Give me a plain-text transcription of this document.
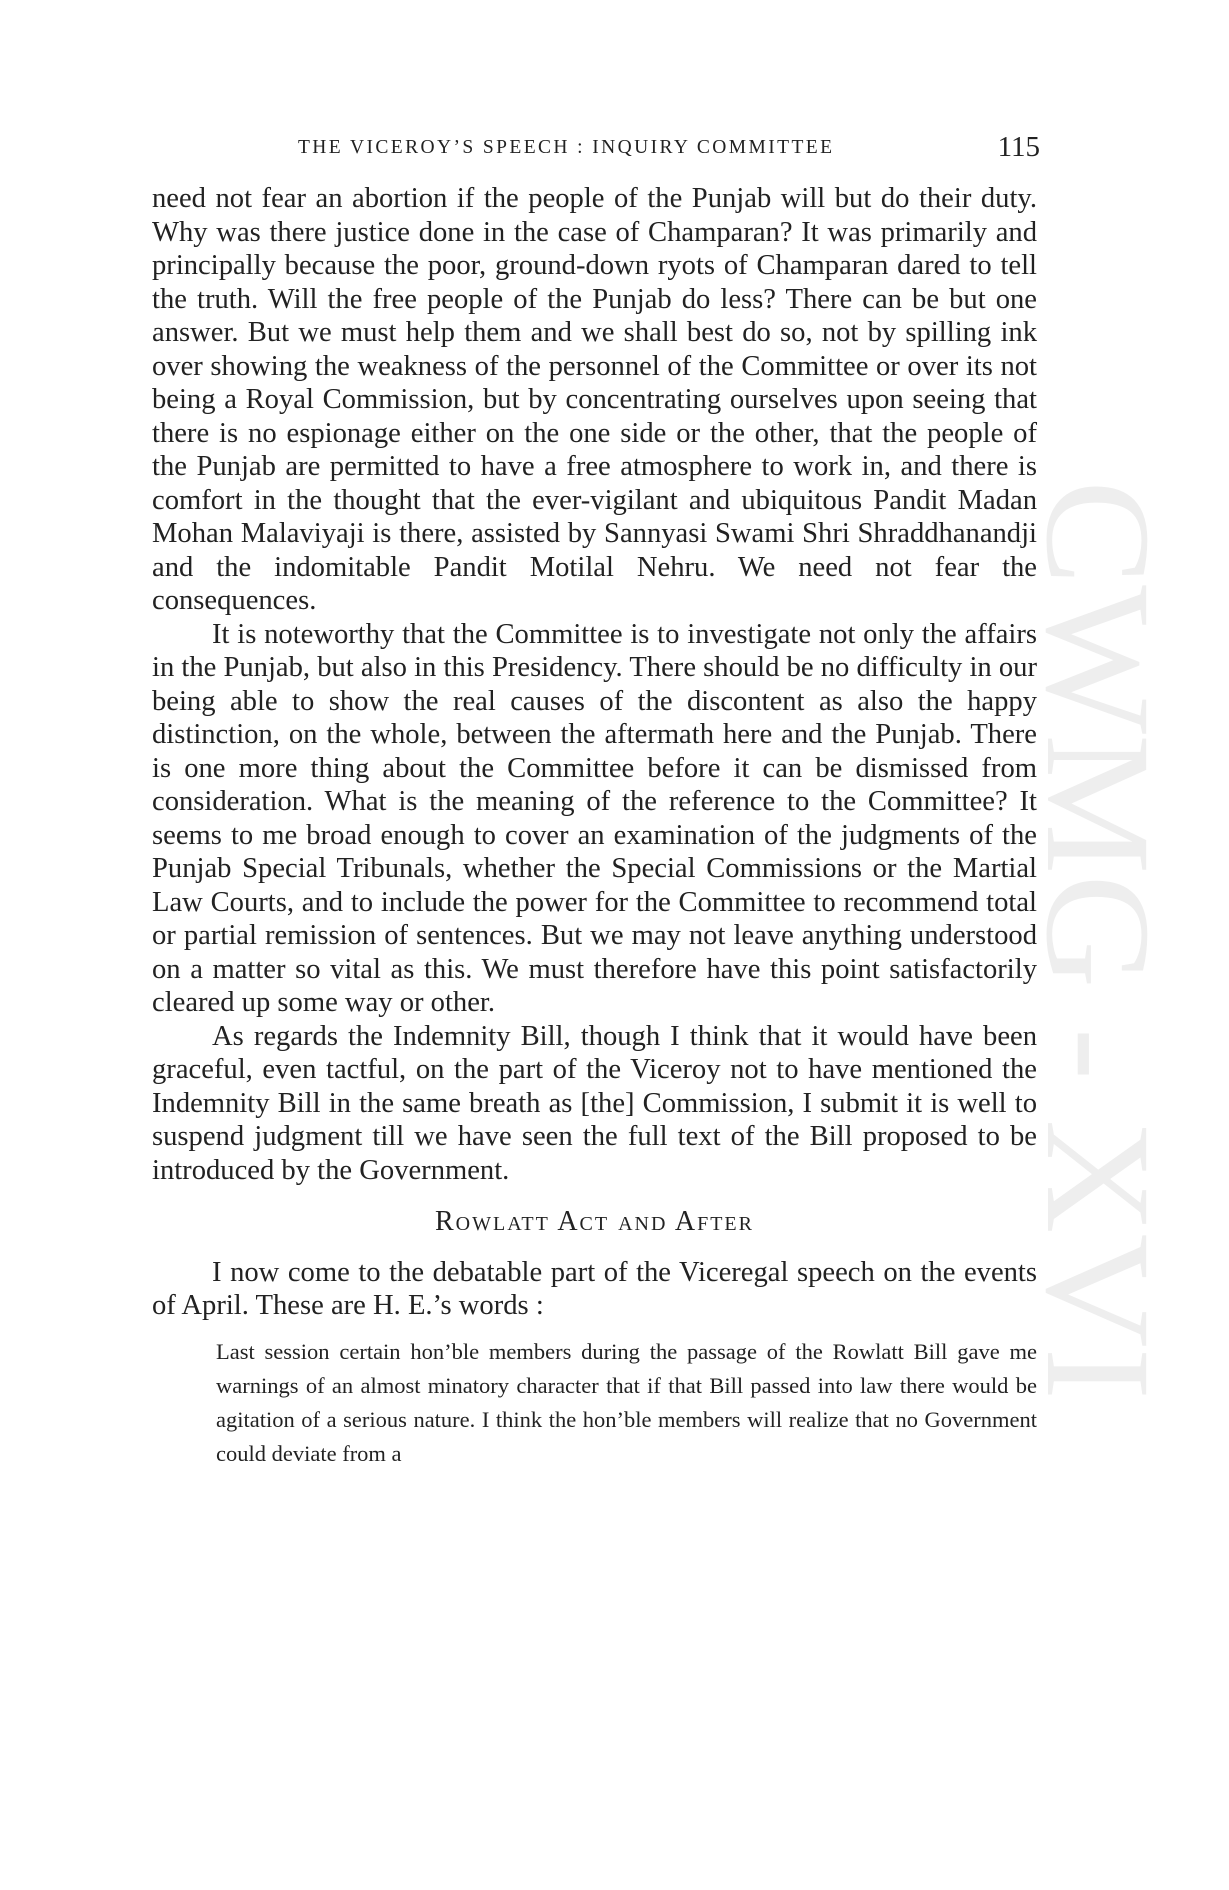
THE VICEROY’S SPEECH : INQUIRY COMMITTEE	115
CWMG - XVI

need not fear an abortion if the people of the Punjab will but do their duty. Why was there justice done in the case of Champaran? It was primarily and principally because the poor, ground-down ryots of Champaran dared to tell the truth. Will the free people of the Punjab do less? There can be but one answer. But we must help them and we shall best do so, not by spilling ink over showing the weakness of the personnel of the Committee or over its not being a Royal Commission, but by concentrating ourselves upon seeing that there is no espionage either on the one side or the other, that the people of the Punjab are permitted to have a free atmosphere to work in, and there is comfort in the thought that the ever-vigilant and ubiquitous Pandit Madan Mohan Malaviyaji is there, assisted by Sannyasi Swami Shri Shraddhanandji and the indomitable Pandit Motilal Nehru. We need not fear the consequences.

It is noteworthy that the Committee is to investigate not only the affairs in the Punjab, but also in this Presidency. There should be no difficulty in our being able to show the real causes of the discontent as also the happy distinction, on the whole, between the aftermath here and the Punjab. There is one more thing about the Committee before it can be dismissed from consideration. What is the meaning of the reference to the Committee? It seems to me broad enough to cover an examination of the judgments of the Punjab Special Tribunals, whether the Special Commissions or the Martial Law Courts, and to include the power for the Committee to recommend total or partial remission of sentences. But we may not leave anything understood on a matter so vital as this. We must therefore have this point satisfactorily cleared up some way or other.

As regards the Indemnity Bill, though I think that it would have been graceful, even tactful, on the part of the Viceroy not to have mentioned the Indemnity Bill in the same breath as [the] Commission, I submit it is well to suspend judgment till we have seen the full text of the Bill proposed to be introduced by the Government.

Rowlatt Act and After

I now come to the debatable part of the Viceregal speech on the events of April. These are H. E.’s words :

Last session certain hon’ble members during the passage of the Rowlatt Bill gave me warnings of an almost minatory character that if that Bill passed into law there would be agitation of a serious nature. I think the hon’ble members will realize that no Government could deviate from a
